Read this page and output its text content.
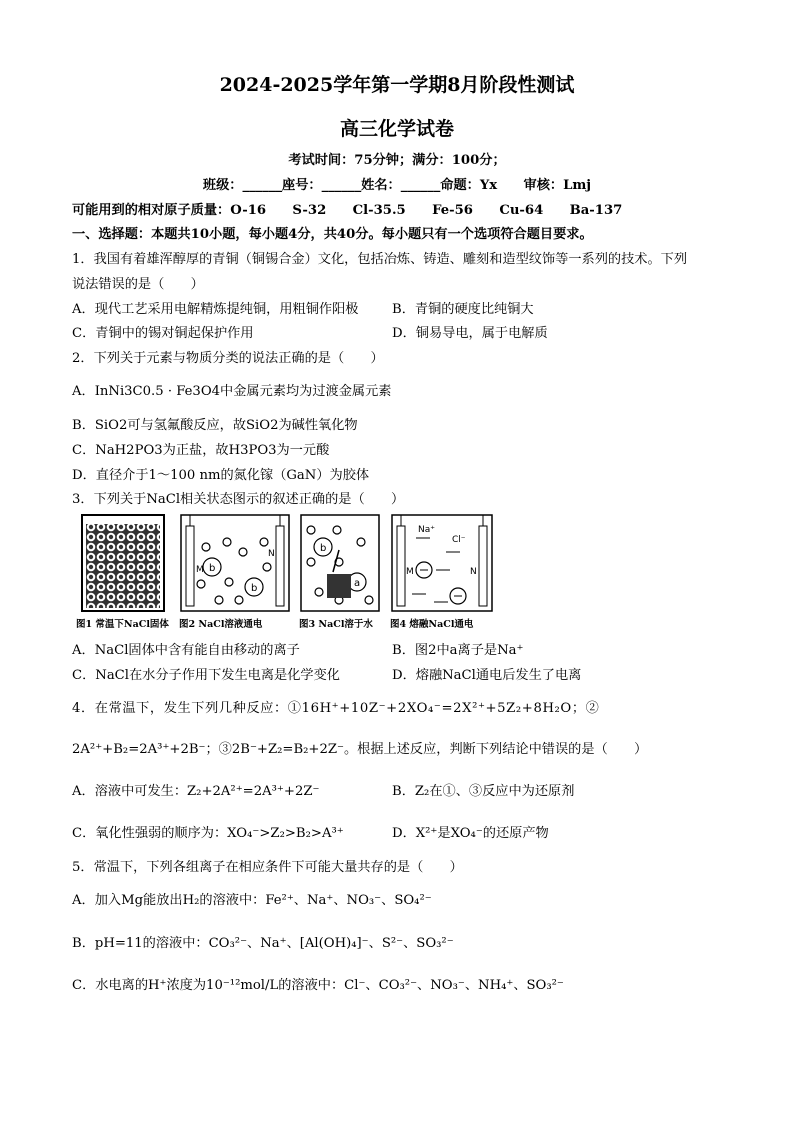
2024-2025学年第一学期8月阶段性测试
高三化学试卷
考试时间：75分钟；满分：100分；
班级：______座号：______姓名：______命题：Yx　　审核：Lmj
可能用到的相对原子质量：O-16　　S-32　　Cl-35.5　　Fe-56　　Cu-64　　Ba-137
一、选择题：本题共10小题，每小题4分，共40分。每小题只有一个选项符合题目要求。
1．我国有着雄浑醇厚的青铜（铜锡合金）文化，包括冶炼、铸造、雕刻和造型纹饰等一系列的技术。下列
说法错误的是（　　）
A．现代工艺采用电解精炼提纯铜，用粗铜作阳极	B．青铜的硬度比纯铜大
C．青铜中的锡对铜起保护作用	D．铜易导电，属于电解质
2．下列关于元素与物质分类的说法正确的是（　　）
A．InNi3C0.5 · Fe3O4中金属元素均为过渡金属元素
B．SiO2可与氢氟酸反应，故SiO2为碱性氧化物
C．NaH2PO3为正盐，故H3PO3为一元酸
D．直径介于1～100 nm的氮化镓（GaN）为胶体
3．下列关于NaCl相关状态图示的叙述正确的是（　　）
图1 常温下NaCl固体
b
b
M
N
图2 NaCl溶液通电
b
a
图3 NaCl溶于水
Na⁺
Cl⁻
M	N
图4 熔融NaCl通电
A．NaCl固体中含有能自由移动的离子	B．图2中a离子是Na⁺
C．NaCl在水分子作用下发生电离是化学变化	D．熔融NaCl通电后发生了电离
4．在常温下，发生下列几种反应：①16H⁺+10Z⁻+2XO₄⁻=2X²⁺+5Z₂+8H₂O；②
2A²⁺+B₂=2A³⁺+2B⁻；③2B⁻+Z₂=B₂+2Z⁻。根据上述反应，判断下列结论中错误的是（　　）
A．溶液中可发生：Z₂+2A²⁺=2A³⁺+2Z⁻	B．Z₂在①、③反应中为还原剂
C．氧化性强弱的顺序为：XO₄⁻>Z₂>B₂>A³⁺	D．X²⁺是XO₄⁻的还原产物
5．常温下，下列各组离子在相应条件下可能大量共存的是（　　）
A．加入Mg能放出H₂的溶液中：Fe²⁺、Na⁺、NO₃⁻、SO₄²⁻
B．pH=11的溶液中：CO₃²⁻、Na⁺、[Al(OH)₄]⁻、S²⁻、SO₃²⁻
C．水电离的H⁺浓度为10⁻¹²mol/L的溶液中：Cl⁻、CO₃²⁻、NO₃⁻、NH₄⁺、SO₃²⁻
